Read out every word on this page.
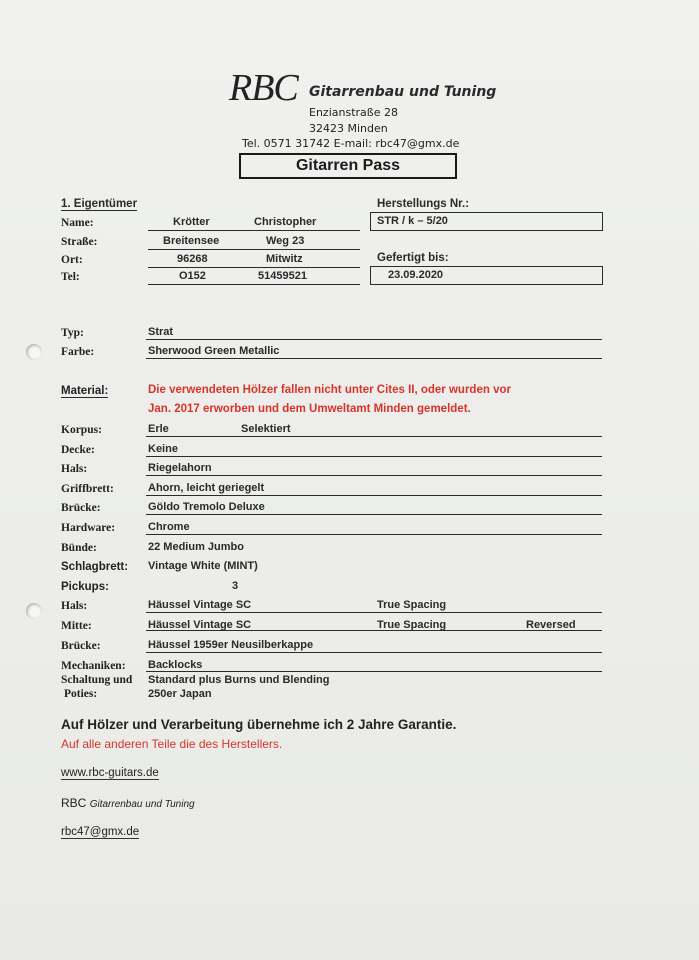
RBC Gitarrenbau und Tuning
Enzianstraße 28
32423 Minden
Tel. 0571 31742 E-mail: rbc47@gmx.de
Gitarren Pass
1. Eigentümer
Name:	Krötter	Christopher
Straße:	Breitensee	Weg 23
Ort:	96268	Mitwitz
Tel:	O152	51459521
Herstellungs Nr.:
STR / k – 5/20
Gefertigt bis:
23.09.2020
Typ:	Strat
Farbe:	Sherwood Green Metallic
Material:	Die verwendeten Hölzer fallen nicht unter Cites II, oder wurden vor
Jan. 2017 erworben und dem Umweltamt Minden gemeldet.
Korpus:	Erle	Selektiert
Decke:	Keine
Hals:	Riegelahorn
Griffbrett:	Ahorn, leicht geriegelt
Brücke:	Göldo Tremolo Deluxe
Hardware:	Chrome
Bünde:	22 Medium Jumbo
Schlagbrett: Vintage White (MINT)
Pickups:	3
Hals:	Häussel Vintage SC	True Spacing
Mitte:	Häussel Vintage SC	True Spacing	Reversed
Brücke:	Häussel 1959er Neusilberkappe
Mechaniken: Backlocks
Schaltung und
Poties:
Standard plus Burns und Blending
250er Japan
Auf Hölzer und Verarbeitung übernehme ich 2 Jahre Garantie.
Auf alle anderen Teile die des Herstellers.
www.rbc-guitars.de
RBC Gitarrenbau und Tuning
rbc47@gmx.de
